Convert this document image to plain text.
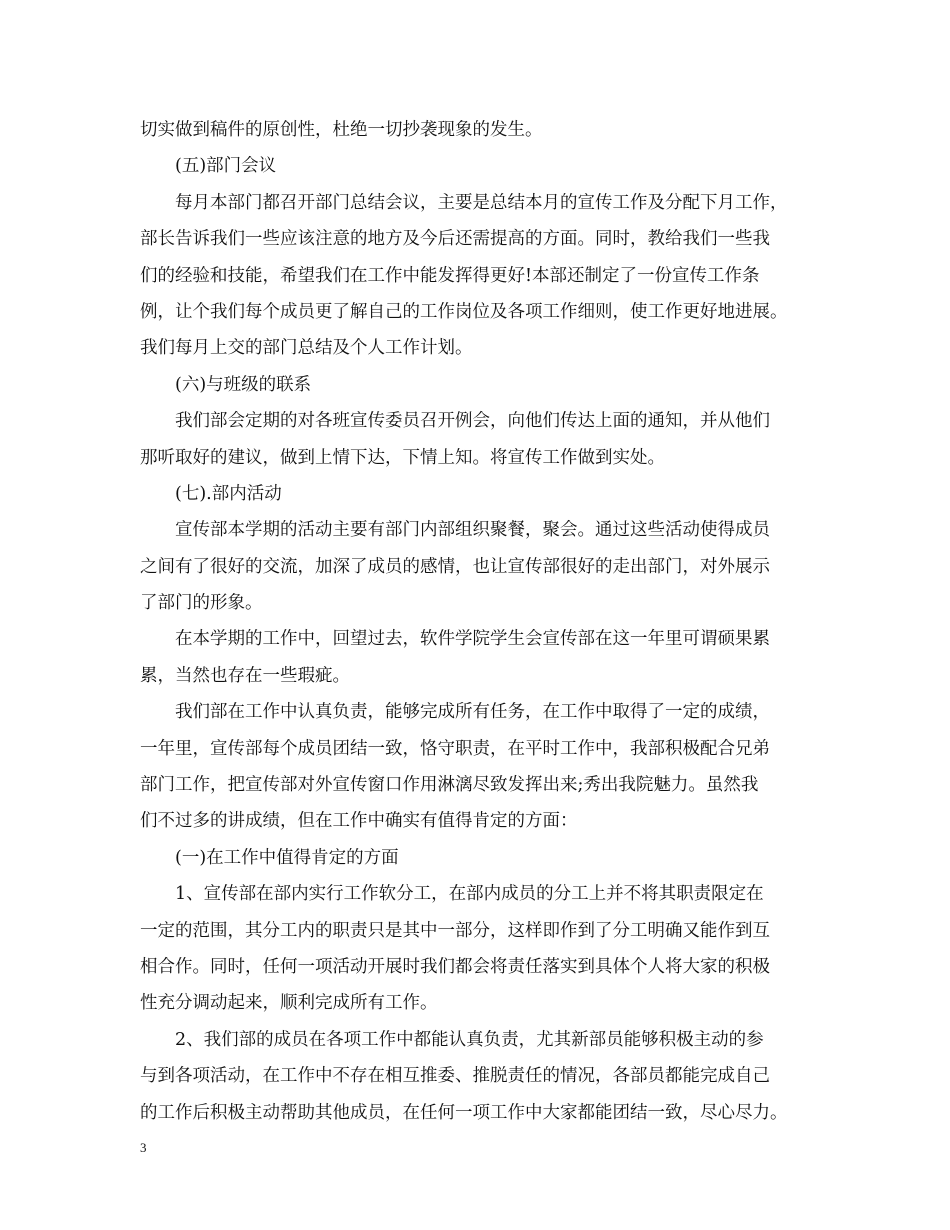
切实做到稿件的原创性，杜绝一切抄袭现象的发生。
(五)部门会议
每月本部门都召开部门总结会议，主要是总结本月的宣传工作及分配下月工作，
部长告诉我们一些应该注意的地方及今后还需提高的方面。同时，教给我们一些我
们的经验和技能，希望我们在工作中能发挥得更好!本部还制定了一份宣传工作条
例，让个我们每个成员更了解自己的工作岗位及各项工作细则，使工作更好地进展。
我们每月上交的部门总结及个人工作计划。
(六)与班级的联系
我们部会定期的对各班宣传委员召开例会，向他们传达上面的通知，并从他们
那听取好的建议，做到上情下达，下情上知。将宣传工作做到实处。
(七).部内活动
宣传部本学期的活动主要有部门内部组织聚餐，聚会。通过这些活动使得成员
之间有了很好的交流，加深了成员的感情，也让宣传部很好的走出部门，对外展示
了部门的形象。
在本学期的工作中，回望过去，软件学院学生会宣传部在这一年里可谓硕果累
累，当然也存在一些瑕疵。
我们部在工作中认真负责，能够完成所有任务，在工作中取得了一定的成绩，
一年里，宣传部每个成员团结一致，恪守职责，在平时工作中，我部积极配合兄弟
部门工作，把宣传部对外宣传窗口作用淋漓尽致发挥出来;秀出我院魅力。虽然我
们不过多的讲成绩，但在工作中确实有值得肯定的方面：
(一)在工作中值得肯定的方面
1、宣传部在部内实行工作软分工，在部内成员的分工上并不将其职责限定在
一定的范围，其分工内的职责只是其中一部分，这样即作到了分工明确又能作到互
相合作。同时，任何一项活动开展时我们都会将责任落实到具体个人将大家的积极
性充分调动起来，顺利完成所有工作。
2、我们部的成员在各项工作中都能认真负责，尤其新部员能够积极主动的参
与到各项活动，在工作中不存在相互推委、推脱责任的情况，各部员都能完成自己
的工作后积极主动帮助其他成员，在任何一项工作中大家都能团结一致，尽心尽力。
3
